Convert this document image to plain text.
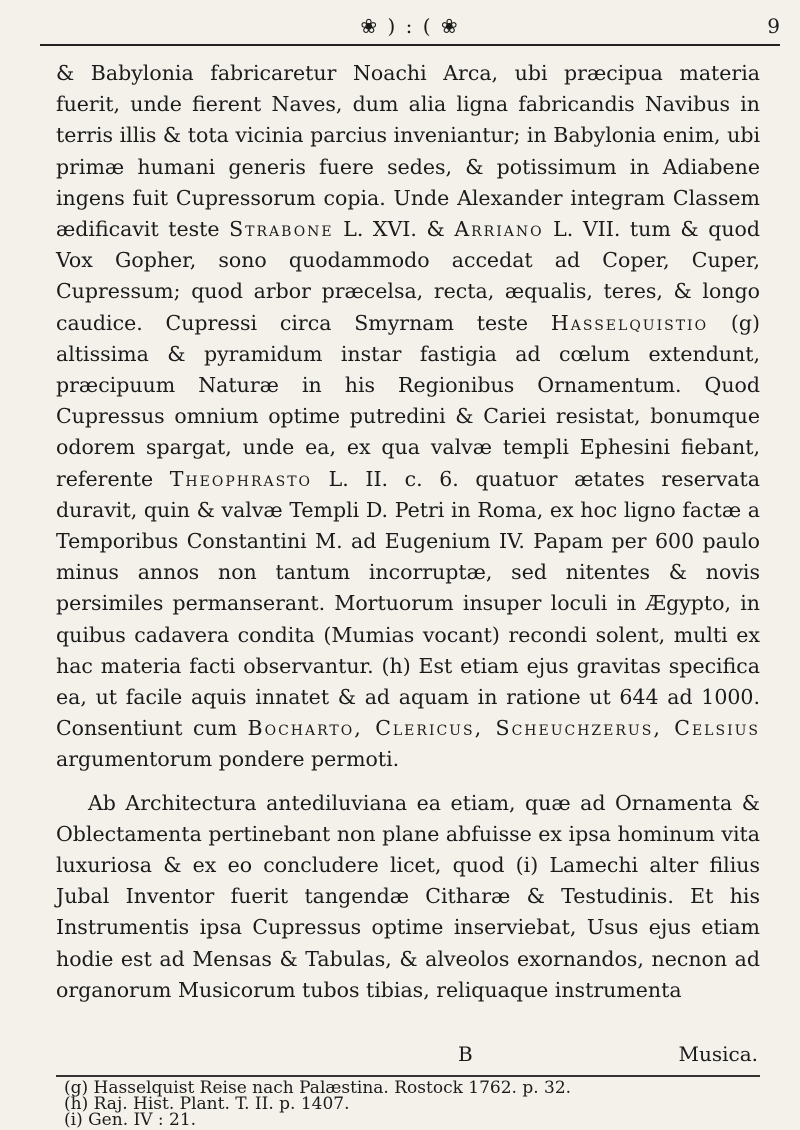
❀ ) : ( ❀	9

& Babylonia fabricaretur Noachi Arca, ubi præcipua materia fuerit, unde fierent Naves, dum alia ligna fabricandis Navibus in terris illis & tota vicinia parcius inveniantur; in Babylonia enim, ubi primæ humani generis fuere sedes, & potissimum in Adiabene ingens fuit Cupressorum copia. Unde Alexander integram Classem ædificavit teste Strabone L. XVI. & Arriano L. VII. tum & quod Vox Gopher, sono quodammodo accedat ad Coper, Cuper, Cupressum; quod arbor præcelsa, recta, æqualis, teres, & longo caudice. Cupressi circa Smyrnam teste Hasselquistio (g) altissima & pyramidum instar fastigia ad cœlum extendunt, præcipuum Naturæ in his Regionibus Ornamentum. Quod Cupressus omnium optime putredini & Cariei resistat, bonumque odorem spargat, unde ea, ex qua valvæ templi Ephesini fiebant, referente Theophrasto L. II. c. 6. quatuor ætates reservata duravit, quin & valvæ Templi D. Petri in Roma, ex hoc ligno factæ a Temporibus Constantini M. ad Eugenium IV. Papam per 600 paulo minus annos non tantum incorruptæ, sed nitentes & novis persimiles permanserant. Mortuorum insuper loculi in Ægypto, in quibus cadavera condita (Mumias vocant) recondi solent, multi ex hac materia facti observantur. (h) Est etiam ejus gravitas specifica ea, ut facile aquis innatet & ad aquam in ratione ut 644 ad 1000. Consentiunt cum Bocharto, Clericus, Scheuchzerus, Celsius argumentorum pondere permoti.

Ab Architectura antediluviana ea etiam, quæ ad Ornamenta & Oblectamenta pertinebant non plane abfuisse ex ipsa hominum vita luxuriosa & ex eo concludere licet, quod (i) Lamechi alter filius Jubal Inventor fuerit tangendæ Citharæ & Testudinis. Et his Instrumentis ipsa Cupressus optime inserviebat, Usus ejus etiam hodie est ad Mensas & Tabulas, & alveolos exornandos, necnon ad organorum Musicorum tubos tibias, reliquaque instrumenta

B	Musica.
(g) Hasselquist Reise nach Palæstina. Rostock 1762. p. 32.
(h) Raj. Hist. Plant. T. II. p. 1407.
(i) Gen. IV : 21.
